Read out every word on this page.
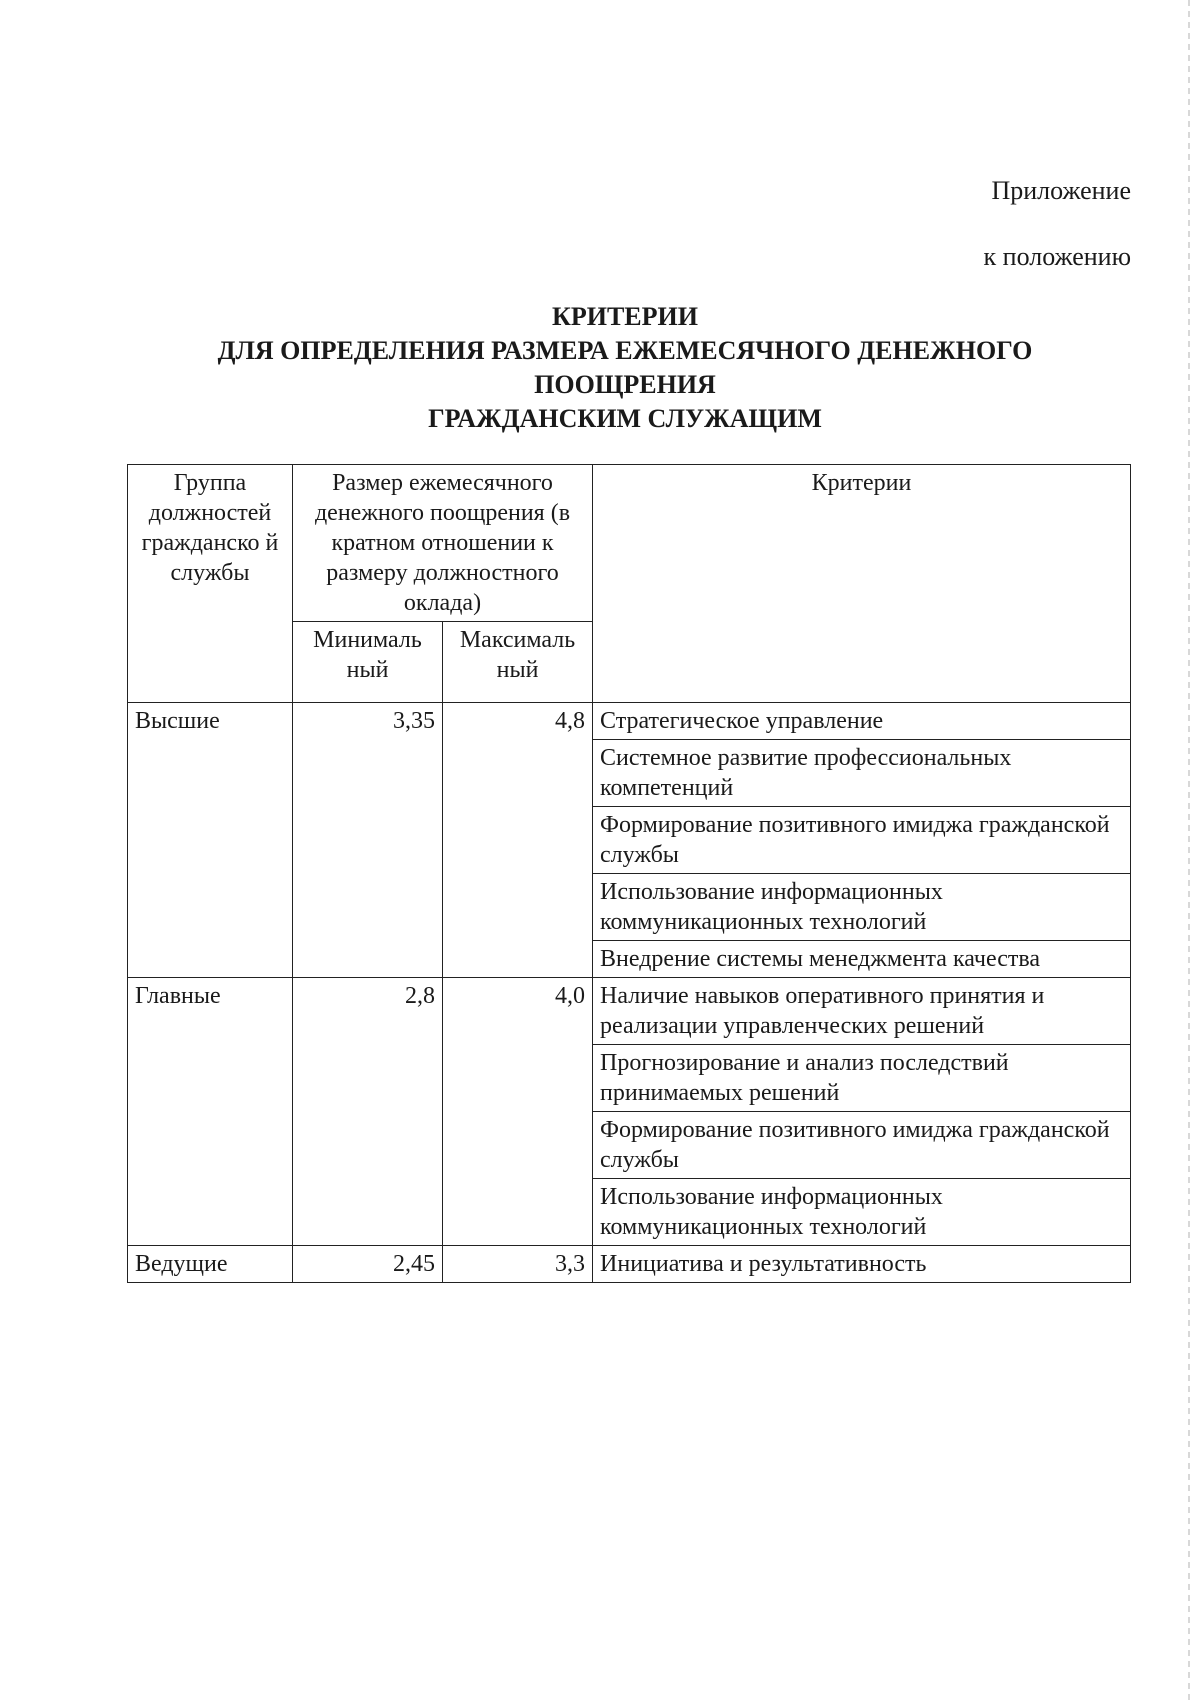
Приложение
к положению
КРИТЕРИИ
ДЛЯ ОПРЕДЕЛЕНИЯ РАЗМЕРА ЕЖЕМЕСЯЧНОГО ДЕНЕЖНОГО
ПООЩРЕНИЯ
ГРАЖДАНСКИМ СЛУЖАЩИМ
Группа должностей гражданско й службы	Размер ежемесячного денежного поощрения (в кратном отношении к размеру должностного оклада)		Критерии
	Минималь ный	Максималь ный	
Высшие	3,35	4,8	Стратегическое управление
			Системное развитие профессиональных компетенций
			Формирование позитивного имиджа гражданской службы
			Использование информационных коммуникационных технологий
			Внедрение системы менеджмента качества
Главные	2,8	4,0	Наличие навыков оперативного принятия и реализации управленческих решений
			Прогнозирование и анализ последствий принимаемых решений
			Формирование позитивного имиджа гражданской службы
			Использование информационных коммуникационных технологий
Ведущие	2,45	3,3	Инициатива и результативность
